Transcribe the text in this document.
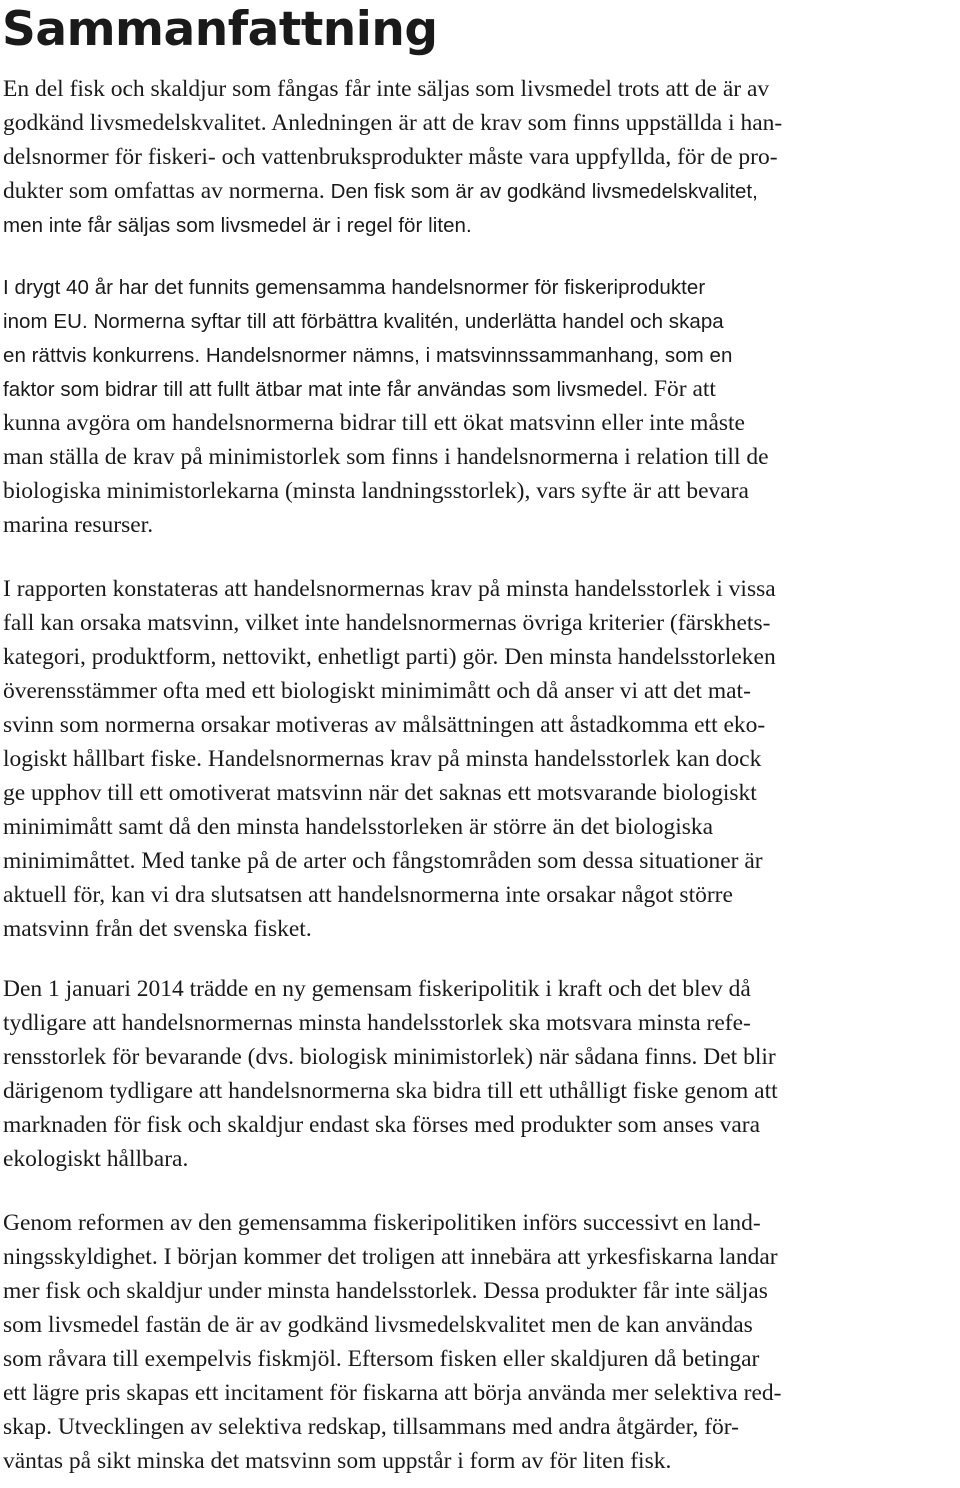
Sammanfattning

En del fisk och skaldjur som fångas får inte säljas som livsmedel trots att de är av
godkänd livsmedelskvalitet. Anledningen är att de krav som finns uppställda i han-
delsnormer för fiskeri- och vattenbruksprodukter måste vara uppfyllda, för de pro-
dukter som omfattas av normerna. Den fisk som är av godkänd livsmedelskvalitet,
men inte får säljas som livsmedel är i regel för liten.

I drygt 40 år har det funnits gemensamma handelsnormer för fiskeriprodukter
inom EU. Normerna syftar till att förbättra kvalitén, underlätta handel och skapa
en rättvis konkurrens. Handelsnormer nämns, i matsvinnssammanhang, som en
faktor som bidrar till att fullt ätbar mat inte får användas som livsmedel. För att
kunna avgöra om handelsnormerna bidrar till ett ökat matsvinn eller inte måste
man ställa de krav på minimistorlek som finns i handelsnormerna i relation till de
biologiska minimistorlekarna (minsta landningsstorlek), vars syfte är att bevara
marina resurser.

I rapporten konstateras att handelsnormernas krav på minsta handelsstorlek i vissa
fall kan orsaka matsvinn, vilket inte handelsnormernas övriga kriterier (färskhets-
kategori, produktform, nettovikt, enhetligt parti) gör. Den minsta handelsstorleken
överensstämmer ofta med ett biologiskt minimimått och då anser vi att det mat-
svinn som normerna orsakar motiveras av målsättningen att åstadkomma ett eko-
logiskt hållbart fiske. Handelsnormernas krav på minsta handelsstorlek kan dock
ge upphov till ett omotiverat matsvinn när det saknas ett motsvarande biologiskt
minimimått samt då den minsta handelsstorleken är större än det biologiska
minimimåttet. Med tanke på de arter och fångstområden som dessa situationer är
aktuell för, kan vi dra slutsatsen att handelsnormerna inte orsakar något större
matsvinn från det svenska fisket.

Den 1 januari 2014 trädde en ny gemensam fiskeripolitik i kraft och det blev då
tydligare att handelsnormernas minsta handelsstorlek ska motsvara minsta refe-
rensstorlek för bevarande (dvs. biologisk minimistorlek) när sådana finns. Det blir
därigenom tydligare att handelsnormerna ska bidra till ett uthålligt fiske genom att
marknaden för fisk och skaldjur endast ska förses med produkter som anses vara
ekologiskt hållbara.

Genom reformen av den gemensamma fiskeripolitiken införs successivt en land-
ningsskyldighet. I början kommer det troligen att innebära att yrkesfiskarna landar
mer fisk och skaldjur under minsta handelsstorlek. Dessa produkter får inte säljas
som livsmedel fastän de är av godkänd livsmedelskvalitet men de kan användas
som råvara till exempelvis fiskmjöl. Eftersom fisken eller skaldjuren då betingar
ett lägre pris skapas ett incitament för fiskarna att börja använda mer selektiva red-
skap. Utvecklingen av selektiva redskap, tillsammans med andra åtgärder, för-
väntas på sikt minska det matsvinn som uppstår i form av för liten fisk.
